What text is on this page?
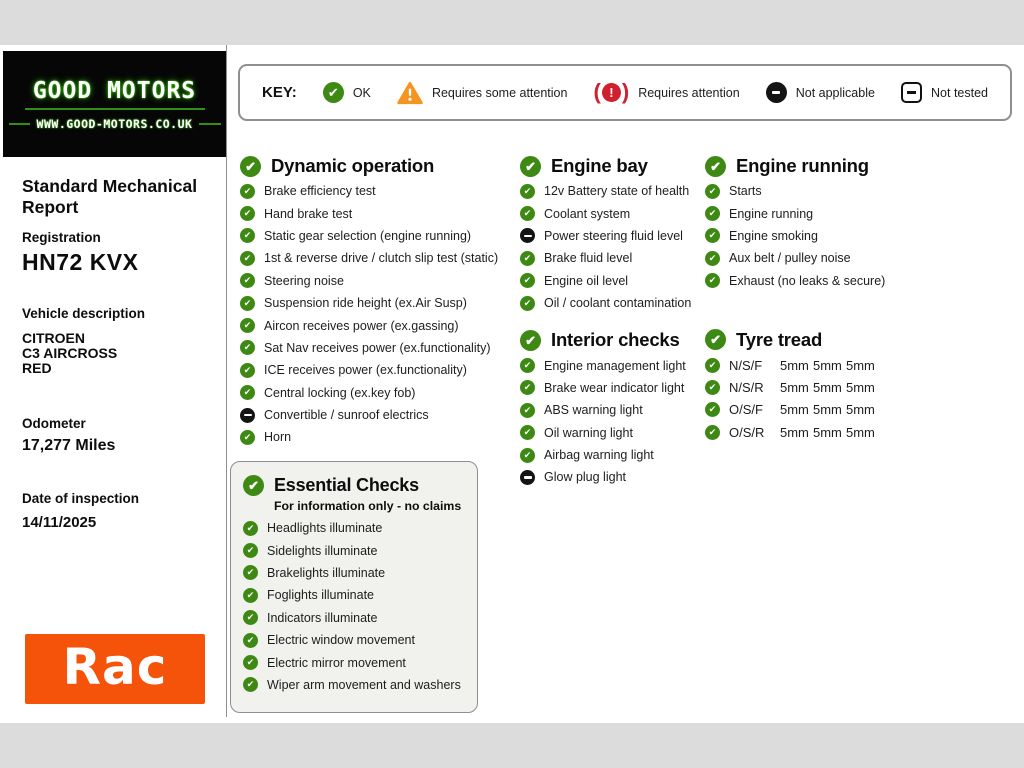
GOOD MOTORS
WWW.GOOD-MOTORS.CO.UK
Standard Mechanical Report
Registration
HN72 KVX
Vehicle description
CITROEN
C3 AIRCROSS
RED
Odometer
17,277 Miles
Date of inspection
14/11/2025
Rac
KEY: ✔	OK	Requires some attention ( ! ) Requires attention	Not applicable	Not tested
✔
Dynamic operation
✔
Brake efficiency test
✔
Hand brake test
✔
Static gear selection (engine running)
✔
1st & reverse drive / clutch slip test (static)
✔
Steering noise
✔
Suspension ride height (ex.Air Susp)
✔
Aircon receives power (ex.gassing)
✔
Sat Nav receives power (ex.functionality)
✔
ICE receives power (ex.functionality)
✔
Central locking (ex.key fob)
Convertible / sunroof electrics
✔
Horn
✔
Engine bay
✔
12v Battery state of health
✔
Coolant system
Power steering fluid level
✔
Brake fluid level
✔
Engine oil level
✔
Oil / coolant contamination
✔
Interior checks
✔
Engine management light
✔
Brake wear indicator light
✔
ABS warning light
✔
Oil warning light
✔
Airbag warning light
Glow plug light
✔
Engine running
✔
Starts
✔
Engine running
✔
Engine smoking
✔
Aux belt / pulley noise
✔
Exhaust (no leaks & secure)
✔
Tyre tread
✔
N/S/F	5mm 5mm 5mm
✔
N/S/R	5mm 5mm 5mm
✔
O/S/F	5mm 5mm 5mm
✔
O/S/R	5mm 5mm 5mm
✔
Essential Checks
For information only - no claims
✔
Headlights illuminate
✔
Sidelights illuminate
✔
Brakelights illuminate
✔
Foglights illuminate
✔
Indicators illuminate
✔
Electric window movement
✔
Electric mirror movement
✔
Wiper arm movement and washers
